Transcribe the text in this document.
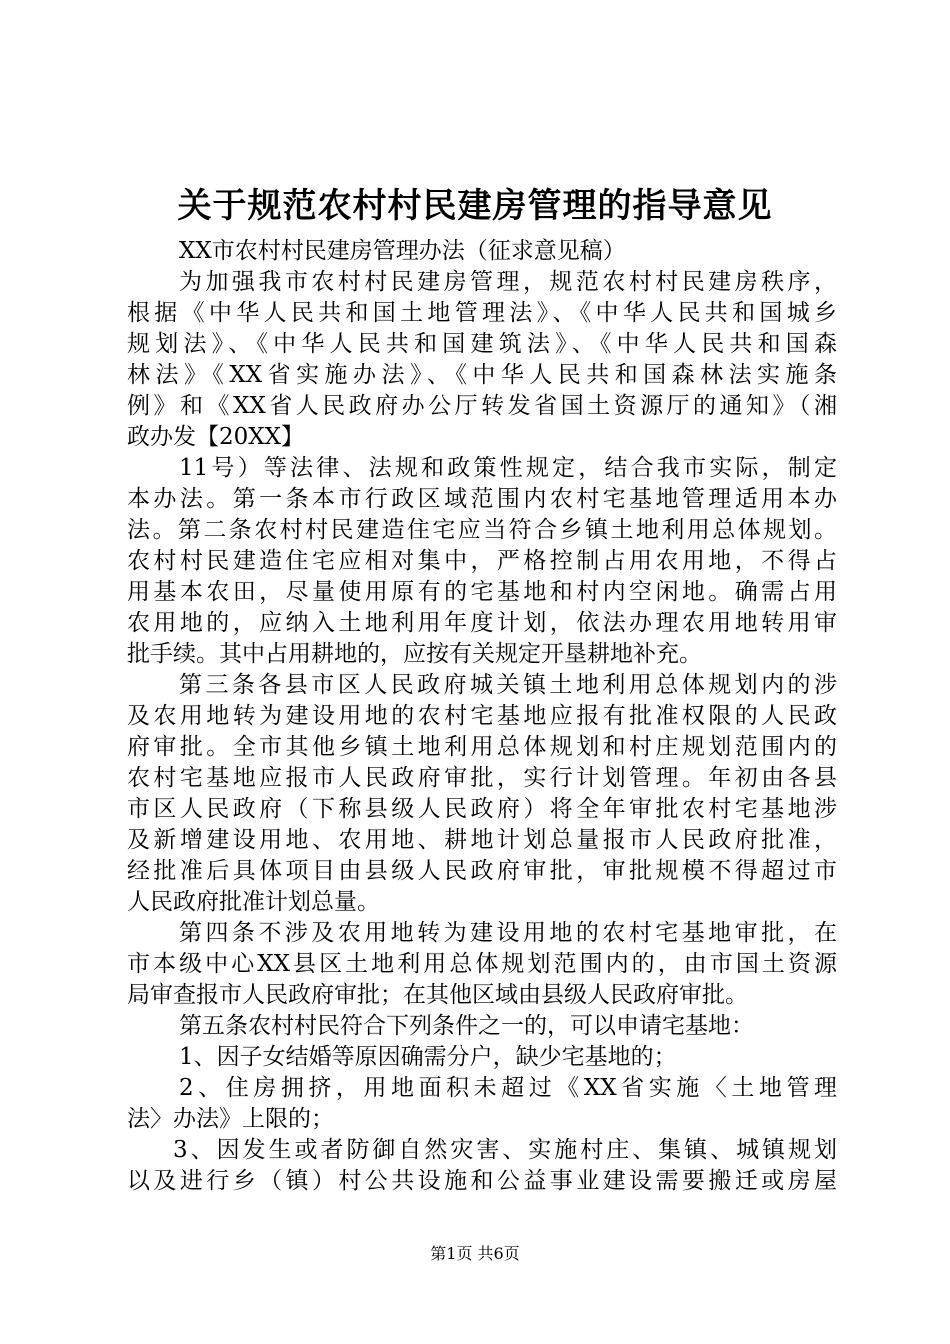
关于规范农村村民建房管理的指导意见
XX市农村村民建房管理办法（征求意见稿）
为加强我市农村村民建房管理，规范农村村民建房秩序，
根据《中华人民共和国土地管理法》、《中华人民共和国城乡
规划法》、《中华人民共和国建筑法》、《中华人民共和国森
林法》《XX省实施办法》、《中华人民共和国森林法实施条
例》和《XX省人民政府办公厅转发省国土资源厅的通知》（湘
政办发【20XX】
11号）等法律、法规和政策性规定，结合我市实际，制定
本办法。第一条本市行政区域范围内农村宅基地管理适用本办
法。第二条农村村民建造住宅应当符合乡镇土地利用总体规划。
农村村民建造住宅应相对集中，严格控制占用农用地，不得占
用基本农田，尽量使用原有的宅基地和村内空闲地。确需占用
农用地的，应纳入土地利用年度计划，依法办理农用地转用审
批手续。其中占用耕地的，应按有关规定开垦耕地补充。
第三条各县市区人民政府城关镇土地利用总体规划内的涉
及农用地转为建设用地的农村宅基地应报有批准权限的人民政
府审批。全市其他乡镇土地利用总体规划和村庄规划范围内的
农村宅基地应报市人民政府审批，实行计划管理。年初由各县
市区人民政府（下称县级人民政府）将全年审批农村宅基地涉
及新增建设用地、农用地、耕地计划总量报市人民政府批准，
经批准后具体项目由县级人民政府审批，审批规模不得超过市
人民政府批准计划总量。
第四条不涉及农用地转为建设用地的农村宅基地审批，在
市本级中心XX县区土地利用总体规划范围内的，由市国土资源
局审查报市人民政府审批；在其他区域由县级人民政府审批。
第五条农村村民符合下列条件之一的，可以申请宅基地：
1、因子女结婚等原因确需分户，缺少宅基地的；
2、住房拥挤，用地面积未超过《XX省实施〈土地管理
法〉办法》上限的；
3、因发生或者防御自然灾害、实施村庄、集镇、城镇规划
以及进行乡（镇）村公共设施和公益事业建设需要搬迁或房屋
第1页 共6页
